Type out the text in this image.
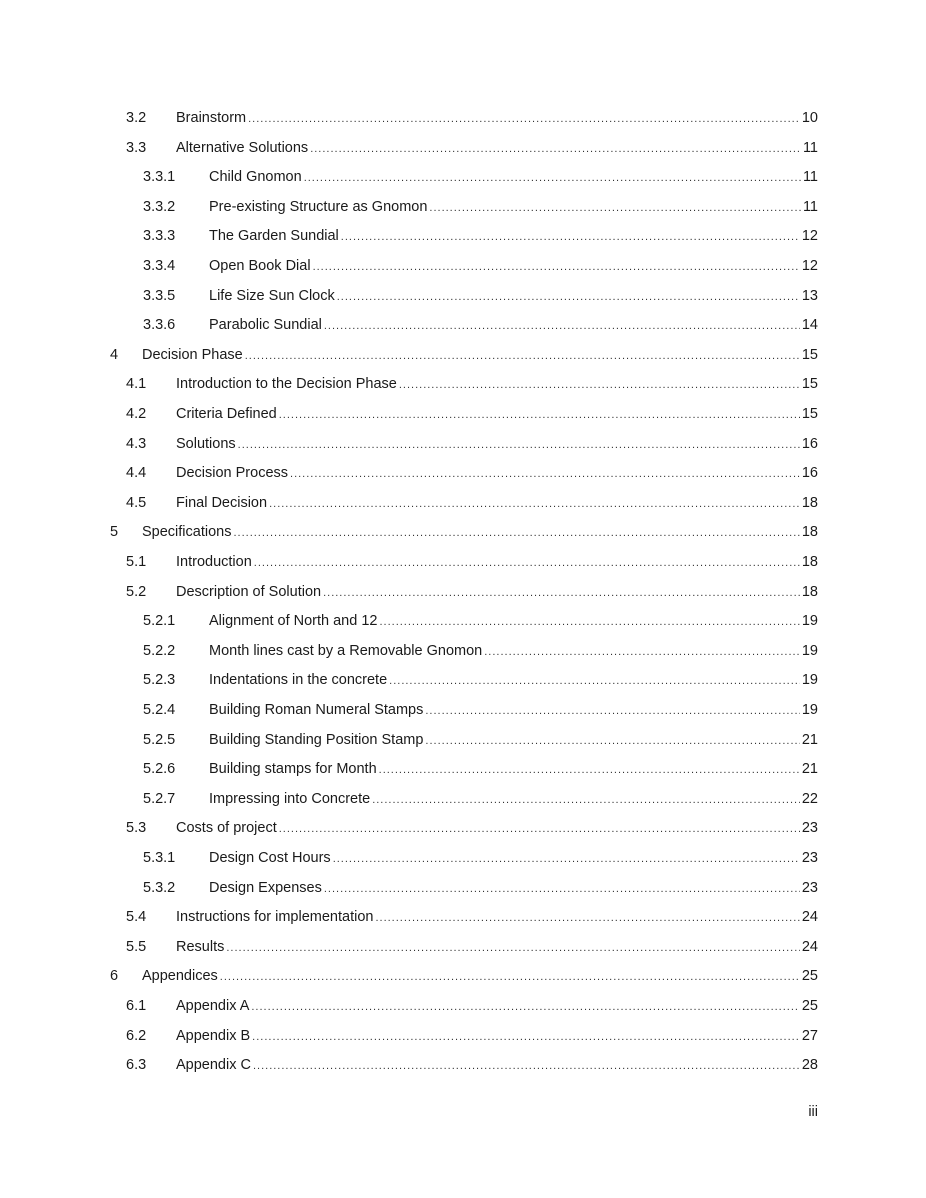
3.2	Brainstorm .....	10
3.3	Alternative Solutions .....	11
3.3.1	Child Gnomon .....	11
3.3.2	Pre-existing Structure as Gnomon .....	11
3.3.3	The Garden Sundial .....	12
3.3.4	Open Book Dial .....	12
3.3.5	Life Size Sun Clock .....	13
3.3.6	Parabolic Sundial .....	14
4	Decision Phase .....	15
4.1	Introduction to the Decision Phase .....	15
4.2	Criteria Defined .....	15
4.3	Solutions .....	16
4.4	Decision Process .....	16
4.5	Final Decision .....	18
5	Specifications .....	18
5.1	Introduction .....	18
5.2	Description of Solution .....	18
5.2.1	Alignment of North and 12 .....	19
5.2.2	Month lines cast by a Removable Gnomon .....	19
5.2.3	Indentations in the concrete .....	19
5.2.4	Building Roman Numeral Stamps .....	19
5.2.5	Building Standing Position Stamp .....	21
5.2.6	Building stamps for Month .....	21
5.2.7	Impressing into Concrete .....	22
5.3	Costs of project .....	23
5.3.1	Design Cost Hours .....	23
5.3.2	Design Expenses .....	23
5.4	Instructions for implementation .....	24
5.5	Results .....	24
6	Appendices .....	25
6.1	Appendix A .....	25
6.2	Appendix B .....	27
6.3	Appendix C .....	28
iii
